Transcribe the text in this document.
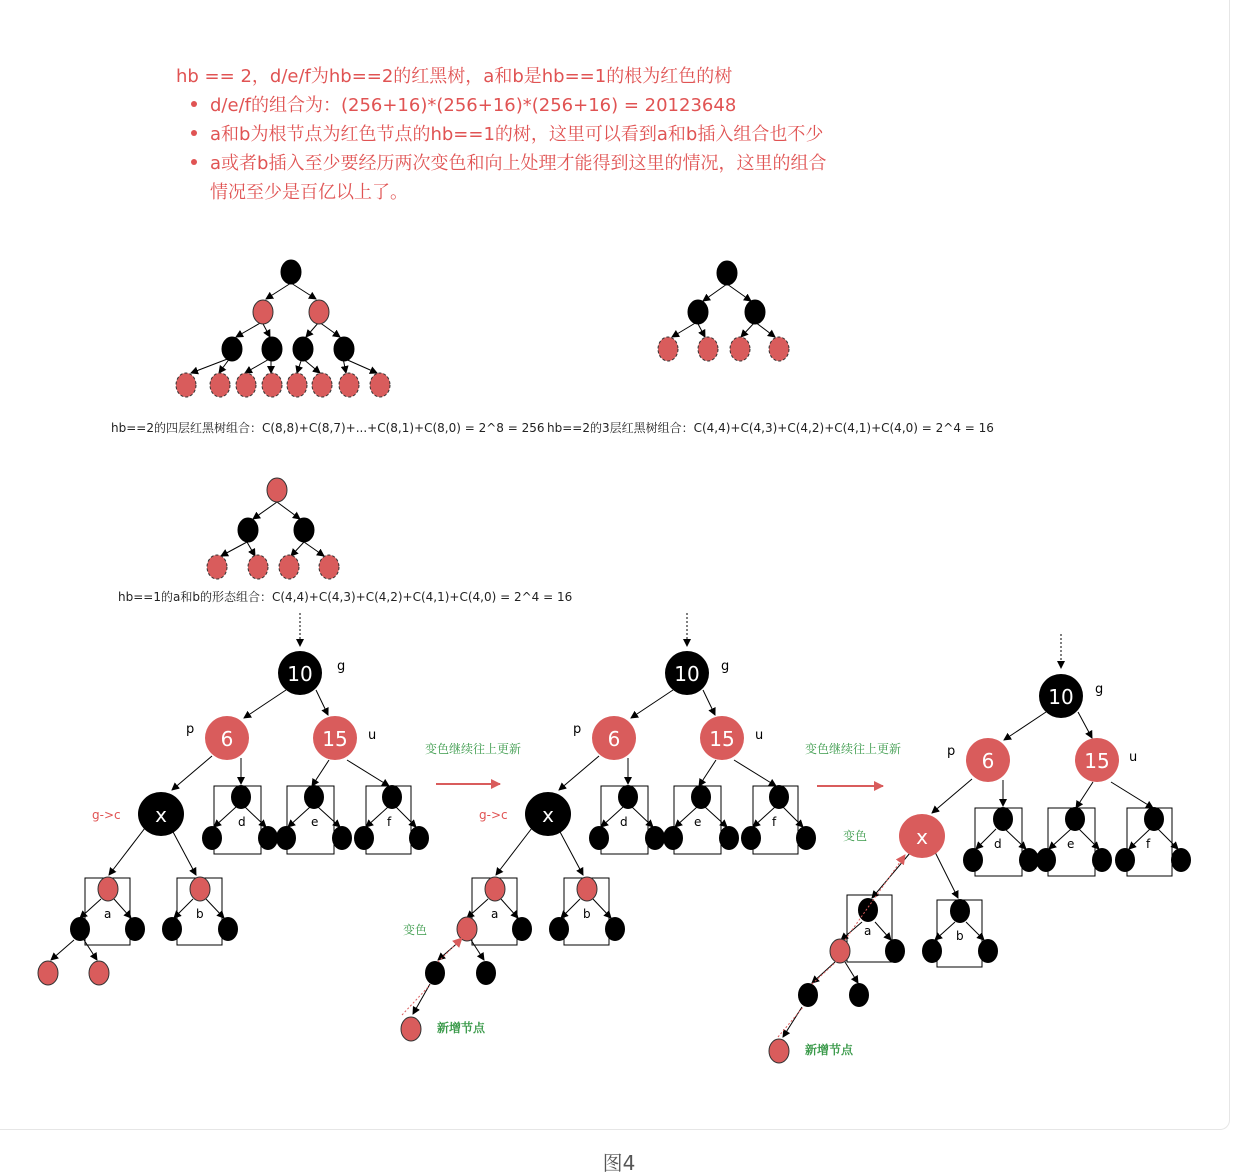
hb == 2，d/e/f为hb==2的红黑树，a和b是hb==1的根为红色的树
d/e/f的组合为：(256+16)*(256+16)*(256+16) = 20123648
a和b为根节点为红色节点的hb==1的树，这里可以看到a和b插入组合也不少
a或者b插入至少要经历两次变色和向上处理才能得到这里的情况，这里的组合
情况至少是百亿以上了。
hb==2的四层红黑树组合：C(8,8)+C(8,7)+...+C(8,1)+C(8,0) = 2^8 = 256 hb==2的3层红黑树组合：C(4,4)+C(4,3)+C(4,2)+C(4,1)+C(4,0) = 2^4 = 16
hb==1的a和b的形态组合：C(4,4)+C(4,3)+C(4,2)+C(4,1)+C(4,0) = 2^4 = 16
10
6	15
x
g
p	u
g->c	d	e	f
a	b
变色继续往上更新
10
6	15
x
g
p	u
g->c	d	e	f
a	b
变色
新增节点
变色继续往上更新
10
6	15
x
g
p	u
变色
d	e	f
a	b
新增节点
图4
